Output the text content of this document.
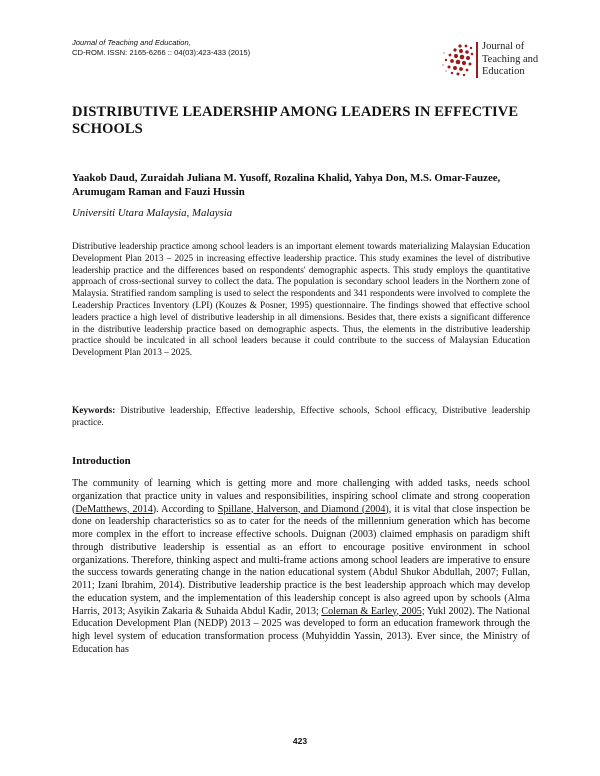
Journal of Teaching and Education,
CD-ROM. ISSN: 2165-6266 :: 04(03):423-433 (2015)
Journal of
Teaching and
Education
DISTRIBUTIVE LEADERSHIP AMONG LEADERS IN EFFECTIVE SCHOOLS
Yaakob Daud, Zuraidah Juliana M. Yusoff, Rozalina Khalid, Yahya Don, M.S. Omar-Fauzee, Arumugam Raman and Fauzi Hussin
Universiti Utara Malaysia, Malaysia
Distributive leadership practice among school leaders is an important element towards materializing Malaysian Education Development Plan 2013 – 2025 in increasing effective leadership practice. This study examines the level of distributive leadership practice and the differences based on respondents' demographic aspects. This study employs the quantitative approach of cross-sectional survey to collect the data. The population is secondary school leaders in the Northern zone of Malaysia. Stratified random sampling is used to select the respondents and 341 respondents were involved to complete the Leadership Practices Inventory (LPI) (Kouzes & Posner, 1995) questionnaire. The findings showed that effective school leaders practice a high level of distributive leadership in all dimensions. Besides that, there exists a significant difference in the distributive leadership practice based on demographic aspects. Thus, the elements in the distributive leadership practice should be inculcated in all school leaders because it could contribute to the success of Malaysian Education Development Plan 2013 – 2025.
Keywords: Distributive leadership, Effective leadership, Effective schools, School efficacy, Distributive leadership practice.
Introduction
The community of learning which is getting more and more challenging with added tasks, needs school organization that practice unity in values and responsibilities, inspiring school climate and strong cooperation (DeMatthews, 2014). According to Spillane, Halverson, and Diamond (2004), it is vital that close inspection be done on leadership characteristics so as to cater for the needs of the millennium generation which has become more complex in the effort to increase effective schools. Duignan (2003) claimed emphasis on paradigm shift through distributive leadership is essential as an effort to encourage positive environment in school organizations. Therefore, thinking aspect and multi-frame actions among school leaders are imperative to ensure the success towards generating change in the nation educational system (Abdul Shukor Abdullah, 2007; Fullan, 2011; Izani Ibrahim, 2014). Distributive leadership practice is the best leadership approach which may develop the education system, and the implementation of this leadership concept is also agreed upon by schools (Alma Harris, 2013; Asyikin Zakaria & Suhaida Abdul Kadir, 2013; Coleman & Earley, 2005; Yukl 2002). The National Education Development Plan (NEDP) 2013 – 2025 was developed to form an education framework through the high level system of education transformation process (Muhyiddin Yassin, 2013). Ever since, the Ministry of Education has
423
